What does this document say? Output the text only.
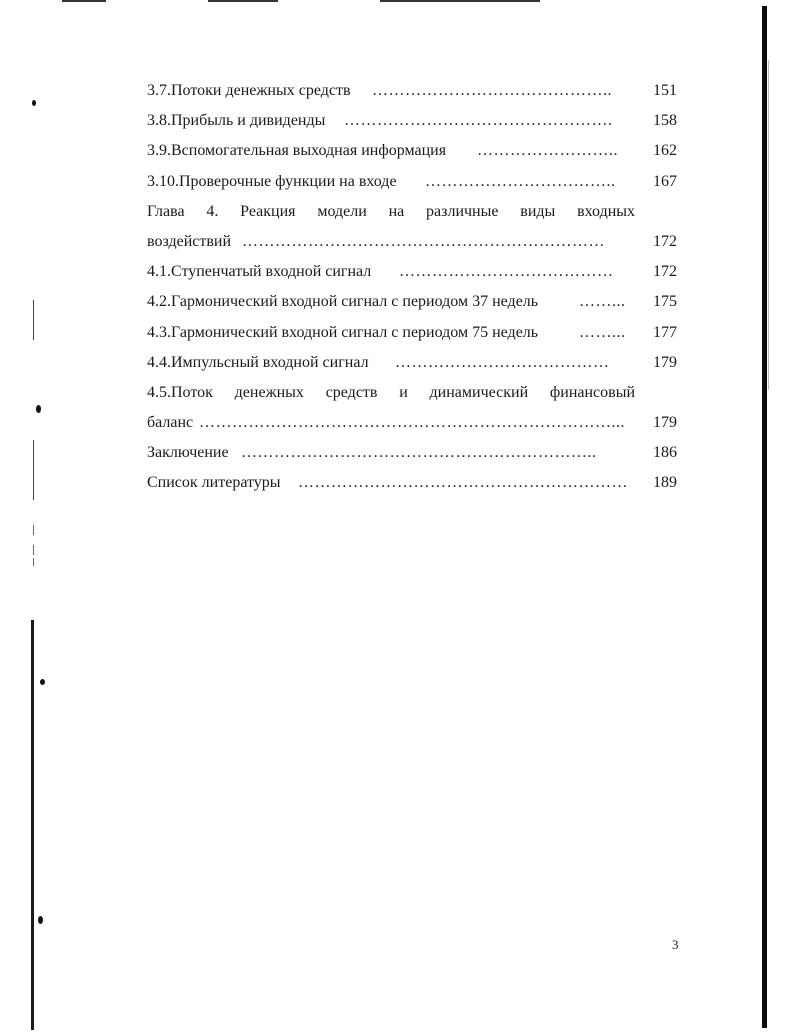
3.7.Потоки денежных средств ……………………………………..	151
3.8.Прибыль и дивиденды ………………………………………….	158
3.9.Вспомогательная выходная информация ……………………..	162
3.10.Проверочные функции на входе ……………………………..	167
Глава 4. Реакция модели на различные виды входных
воздействий …………………………………………………………	172
4.1.Ступенчатый входной сигнал …………………………………	172
4.2.Гармонический входной сигнал с периодом 37 недель	……...	175
4.3.Гармонический входной сигнал с периодом 75 недель	……...	177
4.4.Импульсный входной сигнал …………………………………	179
4.5.Поток денежных средств и динамический финансовый
баланс …………………………………………………………………...	179
Заключение ………………………………………………………..	186
Список литературы ……………………………………………………	189
3
